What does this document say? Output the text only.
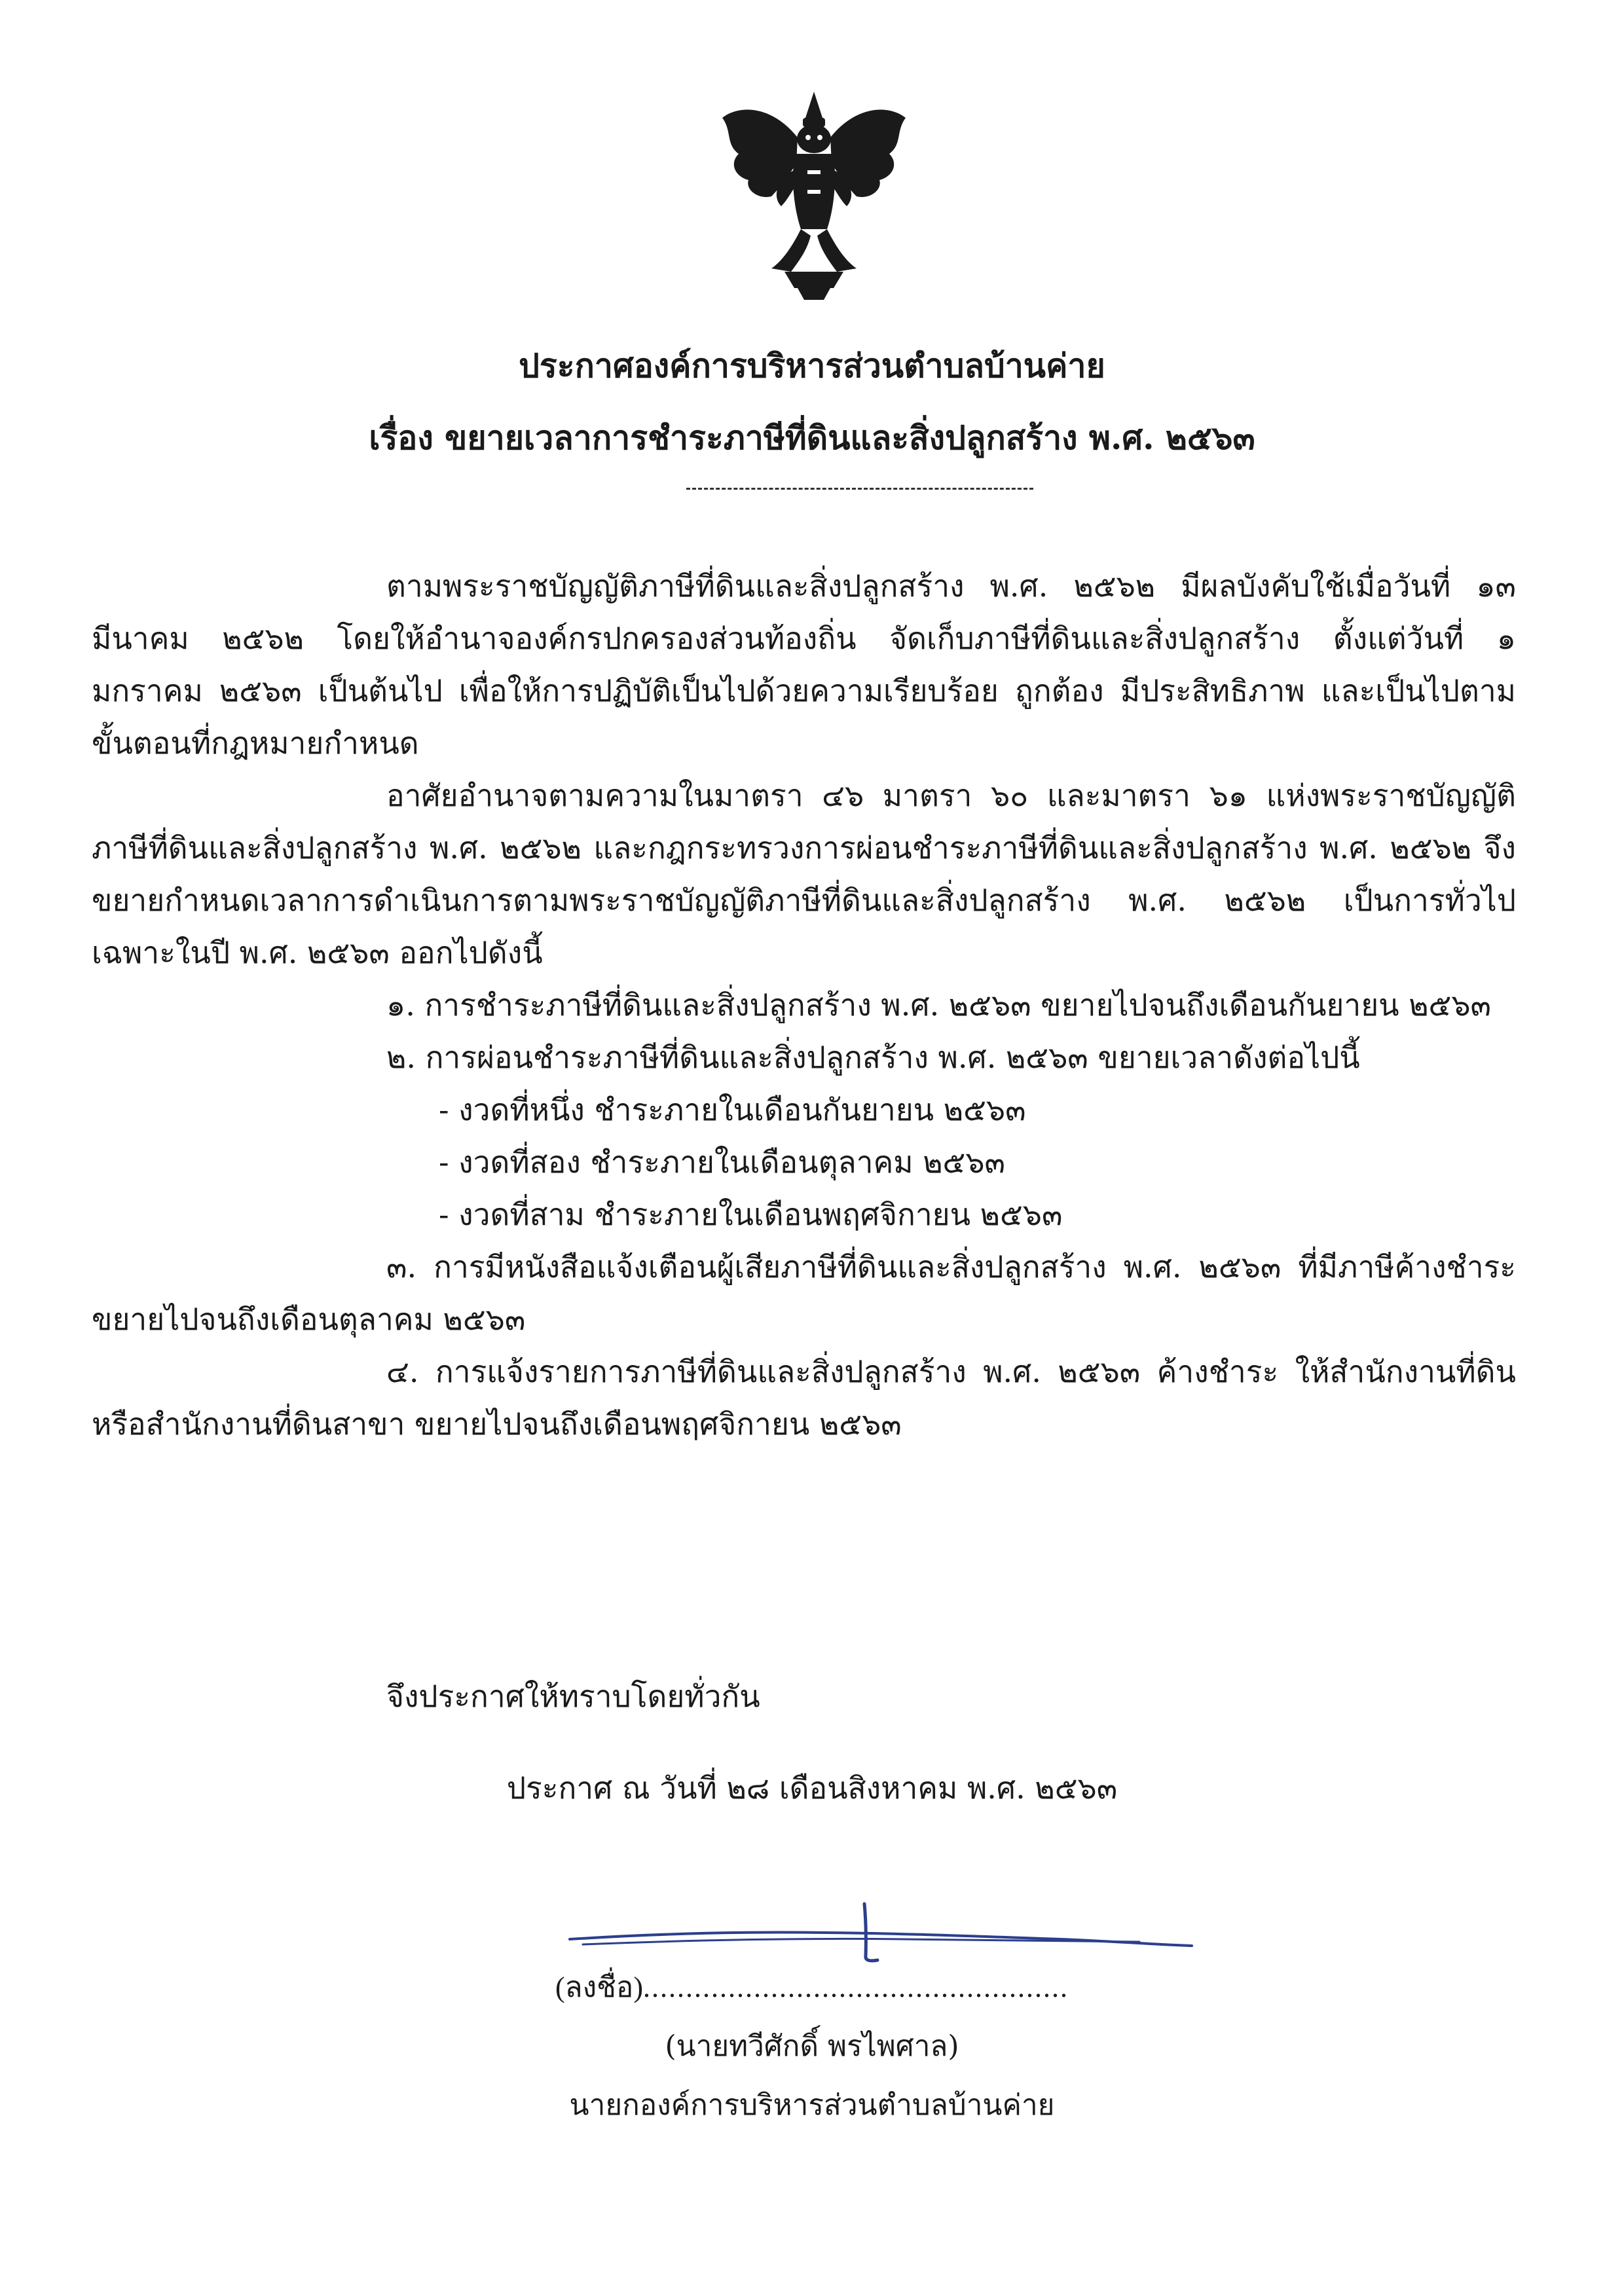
ประกาศองค์การบริหารส่วนตำบลบ้านค่าย
เรื่อง ขยายเวลาการชำระภาษีที่ดินและสิ่งปลูกสร้าง พ.ศ. ๒๕๖๓

ตามพระราชบัญญัติภาษีที่ดินและสิ่งปลูกสร้าง พ.ศ. ๒๕๖๒ มีผลบังคับใช้เมื่อวันที่ ๑๓ มีนาคม ๒๕๖๒ โดยให้อำนาจองค์กรปกครองส่วนท้องถิ่น จัดเก็บภาษีที่ดินและสิ่งปลูกสร้าง ตั้งแต่วันที่ ๑ มกราคม ๒๕๖๓ เป็นต้นไป เพื่อให้การปฏิบัติเป็นไปด้วยความเรียบร้อย ถูกต้อง มีประสิทธิภาพ และเป็นไปตามขั้นตอนที่กฎหมายกำหนด

อาศัยอำนาจตามความในมาตรา ๔๖ มาตรา ๖๐ และมาตรา ๖๑ แห่งพระราชบัญญัติภาษีที่ดินและสิ่งปลูกสร้าง พ.ศ. ๒๕๖๒ และกฎกระทรวงการผ่อนชำระภาษีที่ดินและสิ่งปลูกสร้าง พ.ศ. ๒๕๖๒ จึงขยายกำหนดเวลาการดำเนินการตามพระราชบัญญัติภาษีที่ดินและสิ่งปลูกสร้าง พ.ศ. ๒๕๖๒ เป็นการทั่วไป เฉพาะในปี พ.ศ. ๒๕๖๓ ออกไปดังนี้

๑. การชำระภาษีที่ดินและสิ่งปลูกสร้าง พ.ศ. ๒๕๖๓ ขยายไปจนถึงเดือนกันยายน ๒๕๖๓

๒. การผ่อนชำระภาษีที่ดินและสิ่งปลูกสร้าง พ.ศ. ๒๕๖๓ ขยายเวลาดังต่อไปนี้

- งวดที่หนึ่ง ชำระภายในเดือนกันยายน ๒๕๖๓

- งวดที่สอง ชำระภายในเดือนตุลาคม ๒๕๖๓

- งวดที่สาม ชำระภายในเดือนพฤศจิกายน ๒๕๖๓

๓. การมีหนังสือแจ้งเตือนผู้เสียภาษีที่ดินและสิ่งปลูกสร้าง พ.ศ. ๒๕๖๓ ที่มีภาษีค้างชำระขยายไปจนถึงเดือนตุลาคม ๒๕๖๓

๔. การแจ้งรายการภาษีที่ดินและสิ่งปลูกสร้าง พ.ศ. ๒๕๖๓ ค้างชำระ ให้สำนักงานที่ดินหรือสำนักงานที่ดินสาขา ขยายไปจนถึงเดือนพฤศจิกายน ๒๕๖๓

จึงประกาศให้ทราบโดยทั่วกัน
ประกาศ ณ วันที่ ๒๘ เดือนสิงหาคม พ.ศ. ๒๕๖๓
(ลงชื่อ)..................................................
(นายทวีศักดิ์ พรไพศาล)
นายกองค์การบริหารส่วนตำบลบ้านค่าย
